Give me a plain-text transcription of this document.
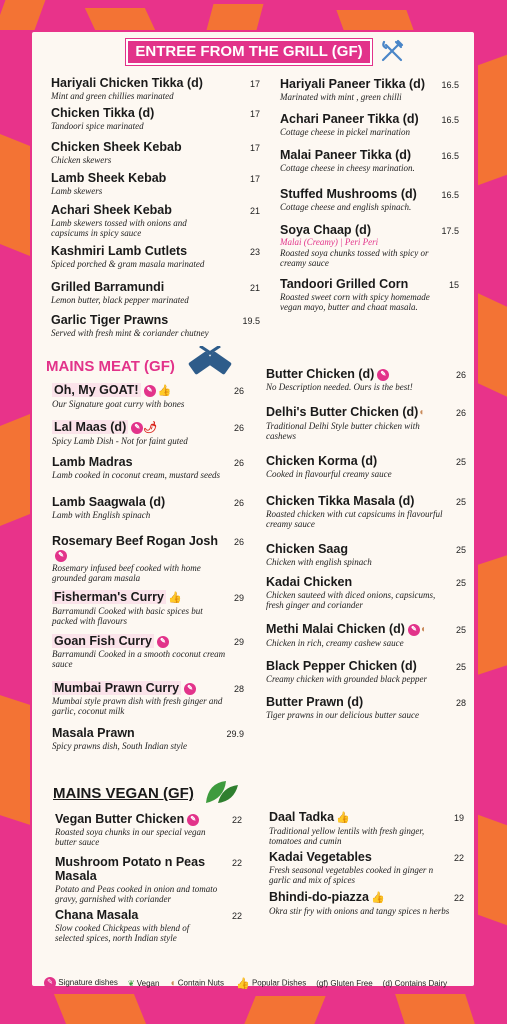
ENTREE FROM THE GRILL (GF)
Hariyali Chicken Tikka (d)
Mint and green chillies marinated
17
Chicken Tikka (d)
Tandoori spice marinated
17
Chicken Sheek Kebab
Chicken skewers
17
Lamb Sheek Kebab
Lamb skewers
17
Achari Sheek Kebab
Lamb skewers tossed with onions and capsicums in spicy sauce
21
Kashmiri Lamb Cutlets
Spiced porched & gram masala marinated
23
Grilled Barramundi
Lemon butter, black pepper marinated
21
Garlic Tiger Prawns
Served with fresh mint & coriander chutney
19.5
Hariyali Paneer Tikka (d)
Marinated with mint , green chilli
16.5
Achari Paneer Tikka (d)
Cottage cheese in pickel marination
16.5
Malai Paneer Tikka (d)
Cottage cheese in cheesy marination.
16.5
Stuffed Mushrooms (d)
Cottage cheese and english spinach.
16.5
Soya Chaap (d)
Malai (Creamy) | Peri Peri
Roasted soya chunks tossed with spicy or creamy sauce
17.5
Tandoori Grilled Corn
Roasted sweet corn with spicy homemade vegan mayo, butter and chaat masala.
15
MAINS MEAT (GF)
Oh, My GOAT! ✎ 👍
Our Signature goat curry with bones
26
Lal Maas (d) ✎ 🌶
Spicy Lamb Dish - Not for faint guted
26
Lamb Madras
Lamb cooked in coconut cream, mustard seeds
26
Lamb Saagwala (d)
Lamb with English spinach
26
Rosemary Beef Rogan Josh✎
Rosemary infused beef cooked with home grounded garam masala
26
Fisherman's Curry 👍
Barramundi Cooked with basic spices but packed with flavours
29
Goan Fish Curry ✎
Barramundi Cooked in a smooth coconut cream sauce
29
Mumbai Prawn Curry ✎
Mumbai style prawn dish with fresh ginger and garlic, coconut milk
28
Masala Prawn
Spicy prawns dish, South Indian style
29.9
Butter Chicken (d) ✎
No Description needed. Ours is the best!
26
Delhi's Butter Chicken (d)◖
Traditional Delhi Style butter chicken with cashews
26
Chicken Korma (d)
Cooked in flavourful creamy sauce
25
Chicken Tikka Masala (d)
Roasted chicken with cut capsicums in flavourful creamy sauce
25
Chicken Saag
Chicken with english spinach
25
Kadai Chicken
Chicken sauteed with diced onions, capsicums, fresh ginger and coriander
25
Methi Malai Chicken (d) ✎ ◖
Chicken in rich, creamy cashew sauce
25
Black Pepper Chicken (d)
Creamy chicken with grounded black pepper
25
Butter Prawn (d)
Tiger prawns in our delicious butter sauce
28
MAINS VEGAN (GF)
Vegan Butter Chicken ✎
Roasted soya chunks in our special vegan butter sauce
22
Mushroom Potato n Peas Masala
Potato and Peas cooked in onion and tomato gravy, garnished with coriander
22
Chana Masala
Slow cooked Chickpeas with blend of selected spices, north Indian style
22
Daal Tadka 👍
Traditional yellow lentils with fresh ginger, tomatoes and cumin
19
Kadai Vegetables
Fresh seasonal vegetables cooked in ginger n garlic and mix of spices
22
Bhindi-do-piazza 👍
Okra stir fry with onions and tangy spices n herbs
22
✎ Signature dishes ❦ Vegan ◖ Contain Nuts 👍 Popular Dishes (gf) Gluten Free (d) Contains Dairy
